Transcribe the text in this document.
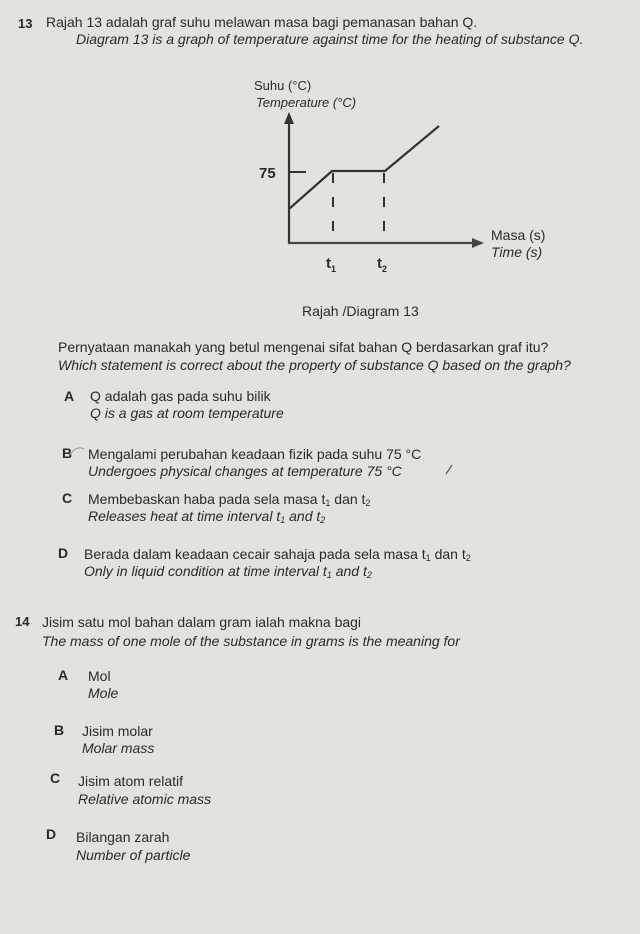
13 Rajah 13 adalah graf suhu melawan masa bagi pemanasan bahan Q.
Diagram 13 is a graph of temperature against time for the heating of substance Q.
Suhu (°C)
Temperature (°C)
75
$t_1$	$t_2$
Masa (s)
Time (s)
Rajah /Diagram 13
Pernyataan manakah yang betul mengenai sifat bahan Q berdasarkan graf itu?
Which statement is correct about the property of substance Q based on the graph?
A Q adalah gas pada suhu bilik
Q is a gas at room temperature
B Mengalami perubahan keadaan fizik pada suhu 75 °C
Undergoes physical changes at temperature 75 °C
C Membebaskan haba pada sela masa $t_1$ dan $t_2$
Releases heat at time interval $t_1$ and $t_2$
D Berada dalam keadaan cecair sahaja pada sela masa $t_1$ dan $t_2$
Only in liquid condition at time interval $t_1$ and $t_2$
14 Jisim satu mol bahan dalam gram ialah makna bagi
The mass of one mole of the substance in grams is the meaning for
A Mol
Mole
B Jisim molar
Molar mass
C Jisim atom relatif
Relative atomic mass
D Bilangan zarah
Number of particle
